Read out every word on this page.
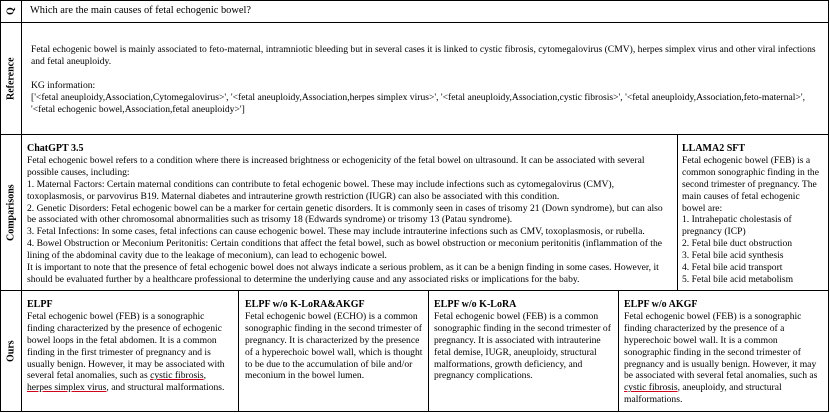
Q
Reference
Comparisons
Ours
Which are the main causes of fetal echogenic bowel?

Fetal echogenic bowel is mainly associated to feto-maternal, intramniotic bleeding but in several cases it is linked to cystic fibrosis, cytomegalovirus (CMV), herpes simplex virus and other viral infections and fetal aneuploidy.

KG information:

['<fetal aneuploidy,Association,Cytomegalovirus>', '<fetal aneuploidy,Association,herpes simplex virus>', '<fetal aneuploidy,Association,cystic fibrosis>', '<fetal aneuploidy,Association,feto-maternal>', '<fetal echogenic bowel,Association,fetal aneuploidy>']

ChatGPT 3.5

Fetal echogenic bowel refers to a condition where there is increased brightness or echogenicity of the fetal bowel on ultrasound. It can be associated with several possible causes, including:

1. Maternal Factors: Certain maternal conditions can contribute to fetal echogenic bowel. These may include infections such as cytomegalovirus (CMV), toxoplasmosis, or parvovirus B19. Maternal diabetes and intrauterine growth restriction (IUGR) can also be associated with this condition.

2. Genetic Disorders: Fetal echogenic bowel can be a marker for certain genetic disorders. It is commonly seen in cases of trisomy 21 (Down syndrome), but can also be associated with other chromosomal abnormalities such as trisomy 18 (Edwards syndrome) or trisomy 13 (Patau syndrome).

3. Fetal Infections: In some cases, fetal infections can cause echogenic bowel. These may include intrauterine infections such as CMV, toxoplasmosis, or rubella.

4. Bowel Obstruction or Meconium Peritonitis: Certain conditions that affect the fetal bowel, such as bowel obstruction or meconium peritonitis (inflammation of the lining of the abdominal cavity due to the leakage of meconium), can lead to echogenic bowel.

It is important to note that the presence of fetal echogenic bowel does not always indicate a serious problem, as it can be a benign finding in some cases. However, it should be evaluated further by a healthcare professional to determine the underlying cause and any associated risks or implications for the baby.

LLAMA2 SFT

Fetal echogenic bowel (FEB) is a common sonographic finding in the second trimester of pregnancy. The main causes of fetal echogenic bowel are:

1. Intrahepatic cholestasis of pregnancy (ICP)

2. Fetal bile duct obstruction

3. Fetal bile acid synthesis

4. Fetal bile acid transport

5. Fetal bile acid metabolism

ELPF

Fetal echogenic bowel (FEB) is a sonographic finding characterized by the presence of echogenic bowel loops in the fetal abdomen. It is a common finding in the first trimester of pregnancy and is usually benign. However, it may be associated with several fetal anomalies, such as cystic fibrosis, herpes simplex virus, and structural malformations.

ELPF w/o K-LoRA&AKGF

Fetal echogenic bowel (ECHO) is a common sonographic finding in the second trimester of pregnancy. It is characterized by the presence of a hyperechoic bowel wall, which is thought to be due to the accumulation of bile and/or meconium in the bowel lumen.

ELPF w/o K-LoRA

Fetal echogenic bowel (FEB) is a common sonographic finding in the second trimester of pregnancy. It is associated with intrauterine fetal demise, IUGR, aneuploidy, structural malformations, growth deficiency, and pregnancy complications.

ELPF w/o AKGF

Fetal echogenic bowel (FEB) is a sonographic finding characterized by the presence of a hyperechoic bowel wall. It is a common sonographic finding in the second trimester of pregnancy and is usually benign. However, it may be associated with several fetal anomalies, such as cystic fibrosis, aneuploidy, and structural malformations.
